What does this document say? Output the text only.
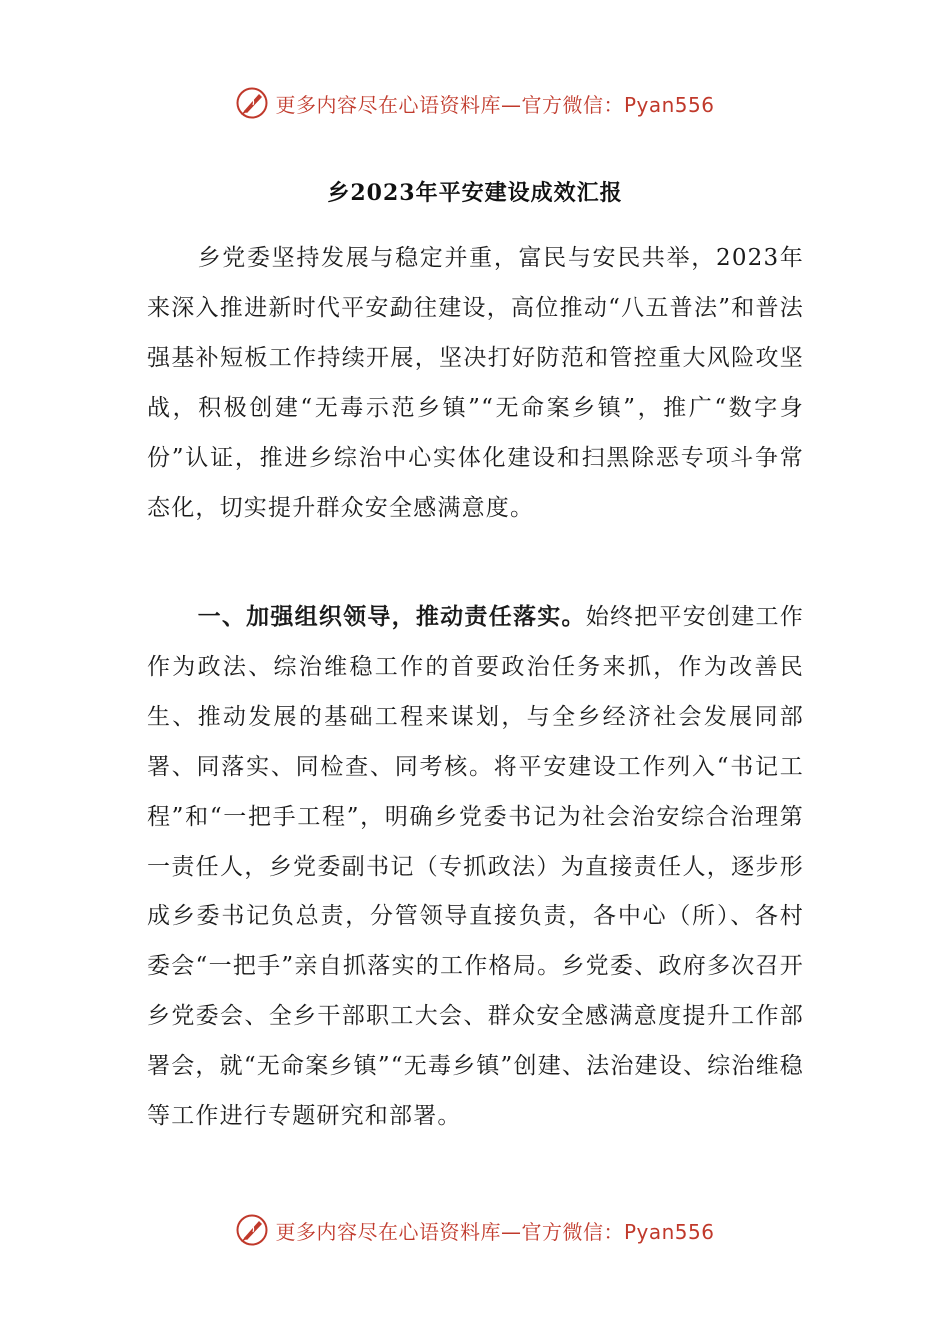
更多内容尽在心语资料库—官方微信：Pyan556
乡2023年平安建设成效汇报

乡党委坚持发展与稳定并重，富民与安民共举，2023年来深入推进新时代平安勐往建设，高位推动“八五普法”和普法强基补短板工作持续开展，坚决打好防范和管控重大风险攻坚战，积极创建“无毒示范乡镇”“无命案乡镇”，推广“数字身份”认证，推进乡综治中心实体化建设和扫黑除恶专项斗争常态化，切实提升群众安全感满意度。

一、加强组织领导，推动责任落实。始终把平安创建工作作为政法、综治维稳工作的首要政治任务来抓，作为改善民生、推动发展的基础工程来谋划，与全乡经济社会发展同部署、同落实、同检查、同考核。将平安建设工作列入“书记工程”和“一把手工程”，明确乡党委书记为社会治安综合治理第一责任人，乡党委副书记（专抓政法）为直接责任人，逐步形成乡委书记负总责，分管领导直接负责，各中心（所）、各村委会“一把手”亲自抓落实的工作格局。乡党委、政府多次召开乡党委会、全乡干部职工大会、群众安全感满意度提升工作部署会，就“无命案乡镇”“无毒乡镇”创建、法治建设、综治维稳等工作进行专题研究和部署。

更多内容尽在心语资料库—官方微信：Pyan556
